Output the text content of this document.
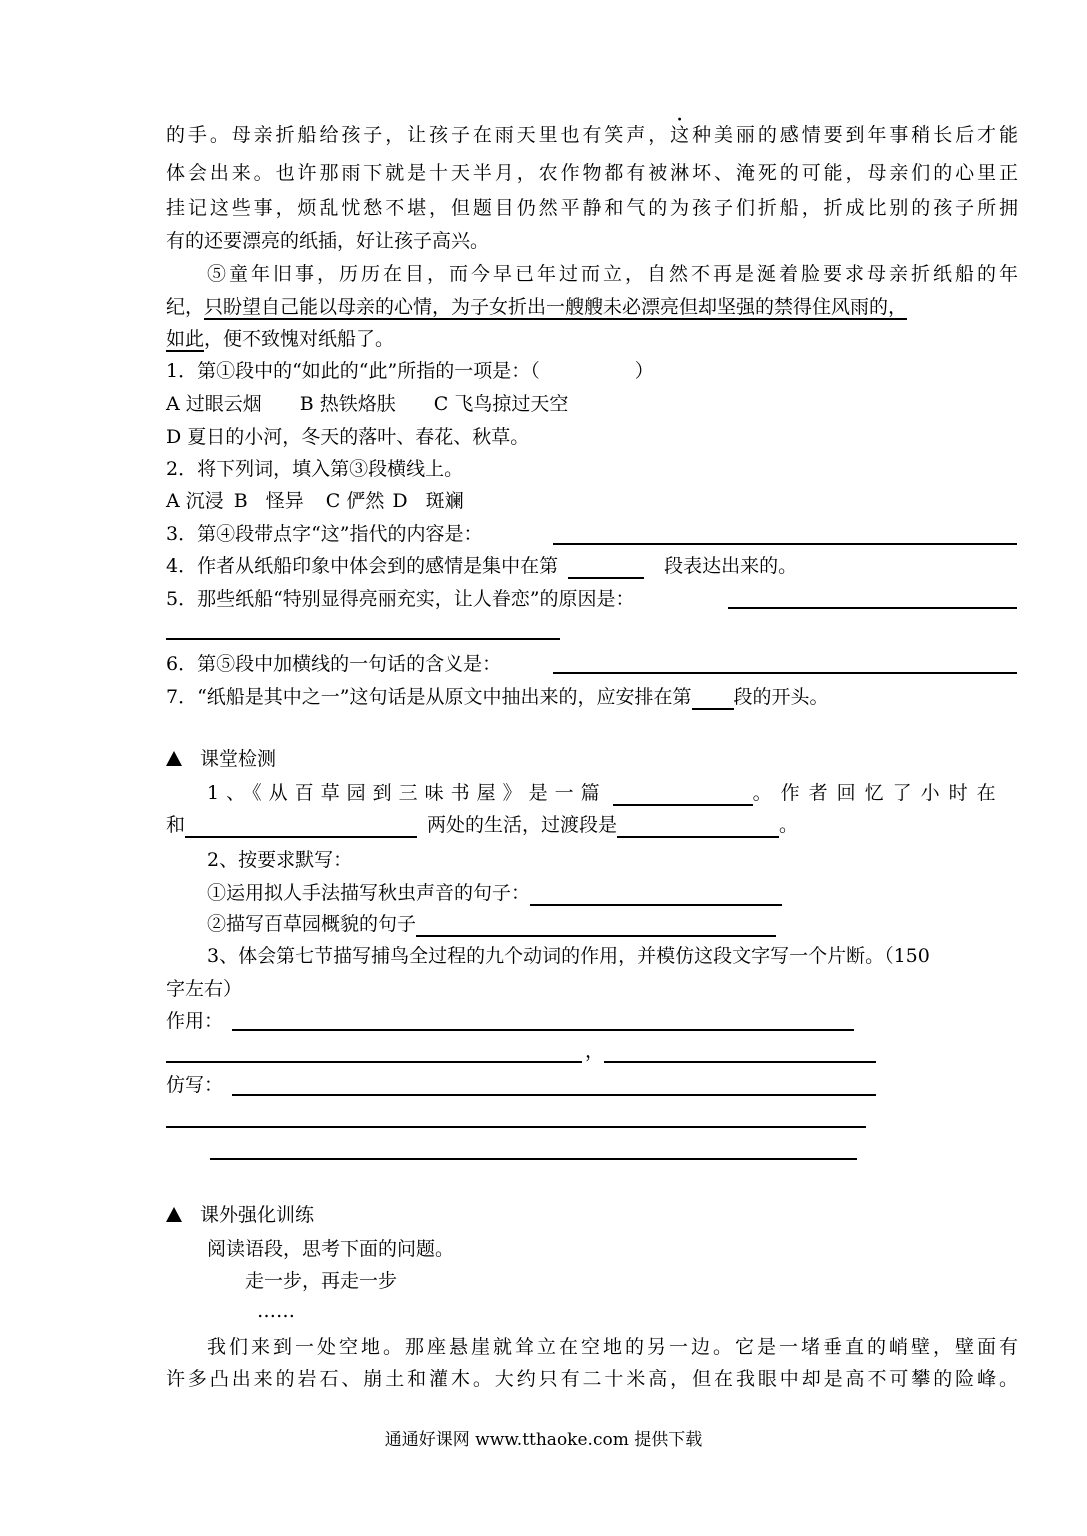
的手。母亲折船给孩子，让孩子在雨天里也有笑声，这种美丽的感情要到年事稍长后才能
体会出来。也许那雨下就是十天半月，农作物都有被淋坏、淹死的可能，母亲们的心里正
挂记这些事，烦乱忧愁不堪，但题目仍然平静和气的为孩子们折船，折成比别的孩子所拥
有的还要漂亮的纸插，好让孩子高兴。
⑤童年旧事，历历在目，而今早已年过而立，自然不再是涎着脸要求母亲折纸船的年
纪，只盼望自己能以母亲的心情，为子女折出一艘艘未必漂亮但却坚强的禁得住风雨的，
如此，便不致愧对纸船了。
1．第①段中的“如此的“此”所指的一项是：（	）
A 过眼云烟 B 热铁烙肤 C 飞鸟掠过天空
D 夏日的小河，冬天的落叶、春花、秋草。
2．将下列词，填入第③段横线上。
A 沉浸 B 怪异 C 俨然 D 斑斓
3．第④段带点字“这”指代的内容是：
4．作者从纸船印象中体会到的感情是集中在第	段表达出来的。
5．那些纸船“特别显得亮丽充实，让人眷恋”的原因是：
6．第⑤段中加横线的一句话的含义是：
7．“纸船是其中之一”这句话是从原文中抽出来的，应安排在第 段的开头。
课堂检测
1、《从百草园到三味书屋》是一篇	。作者回忆了小时在
和	两处的生活，过渡段是	。
2、按要求默写：
①运用拟人手法描写秋虫声音的句子：
②描写百草园概貌的句子
3、体会第七节描写捕鸟全过程的九个动词的作用，并模仿这段文字写一个片断。（150
字左右）
作用：
，
仿写：
课外强化训练
阅读语段，思考下面的问题。
走一步，再走一步
……
我们来到一处空地。那座悬崖就耸立在空地的另一边。它是一堵垂直的峭壁，壁面有
许多凸出来的岩石、崩土和灌木。大约只有二十米高，但在我眼中却是高不可攀的险峰。
通通好课网 www.tthaoke.com 提供下载
